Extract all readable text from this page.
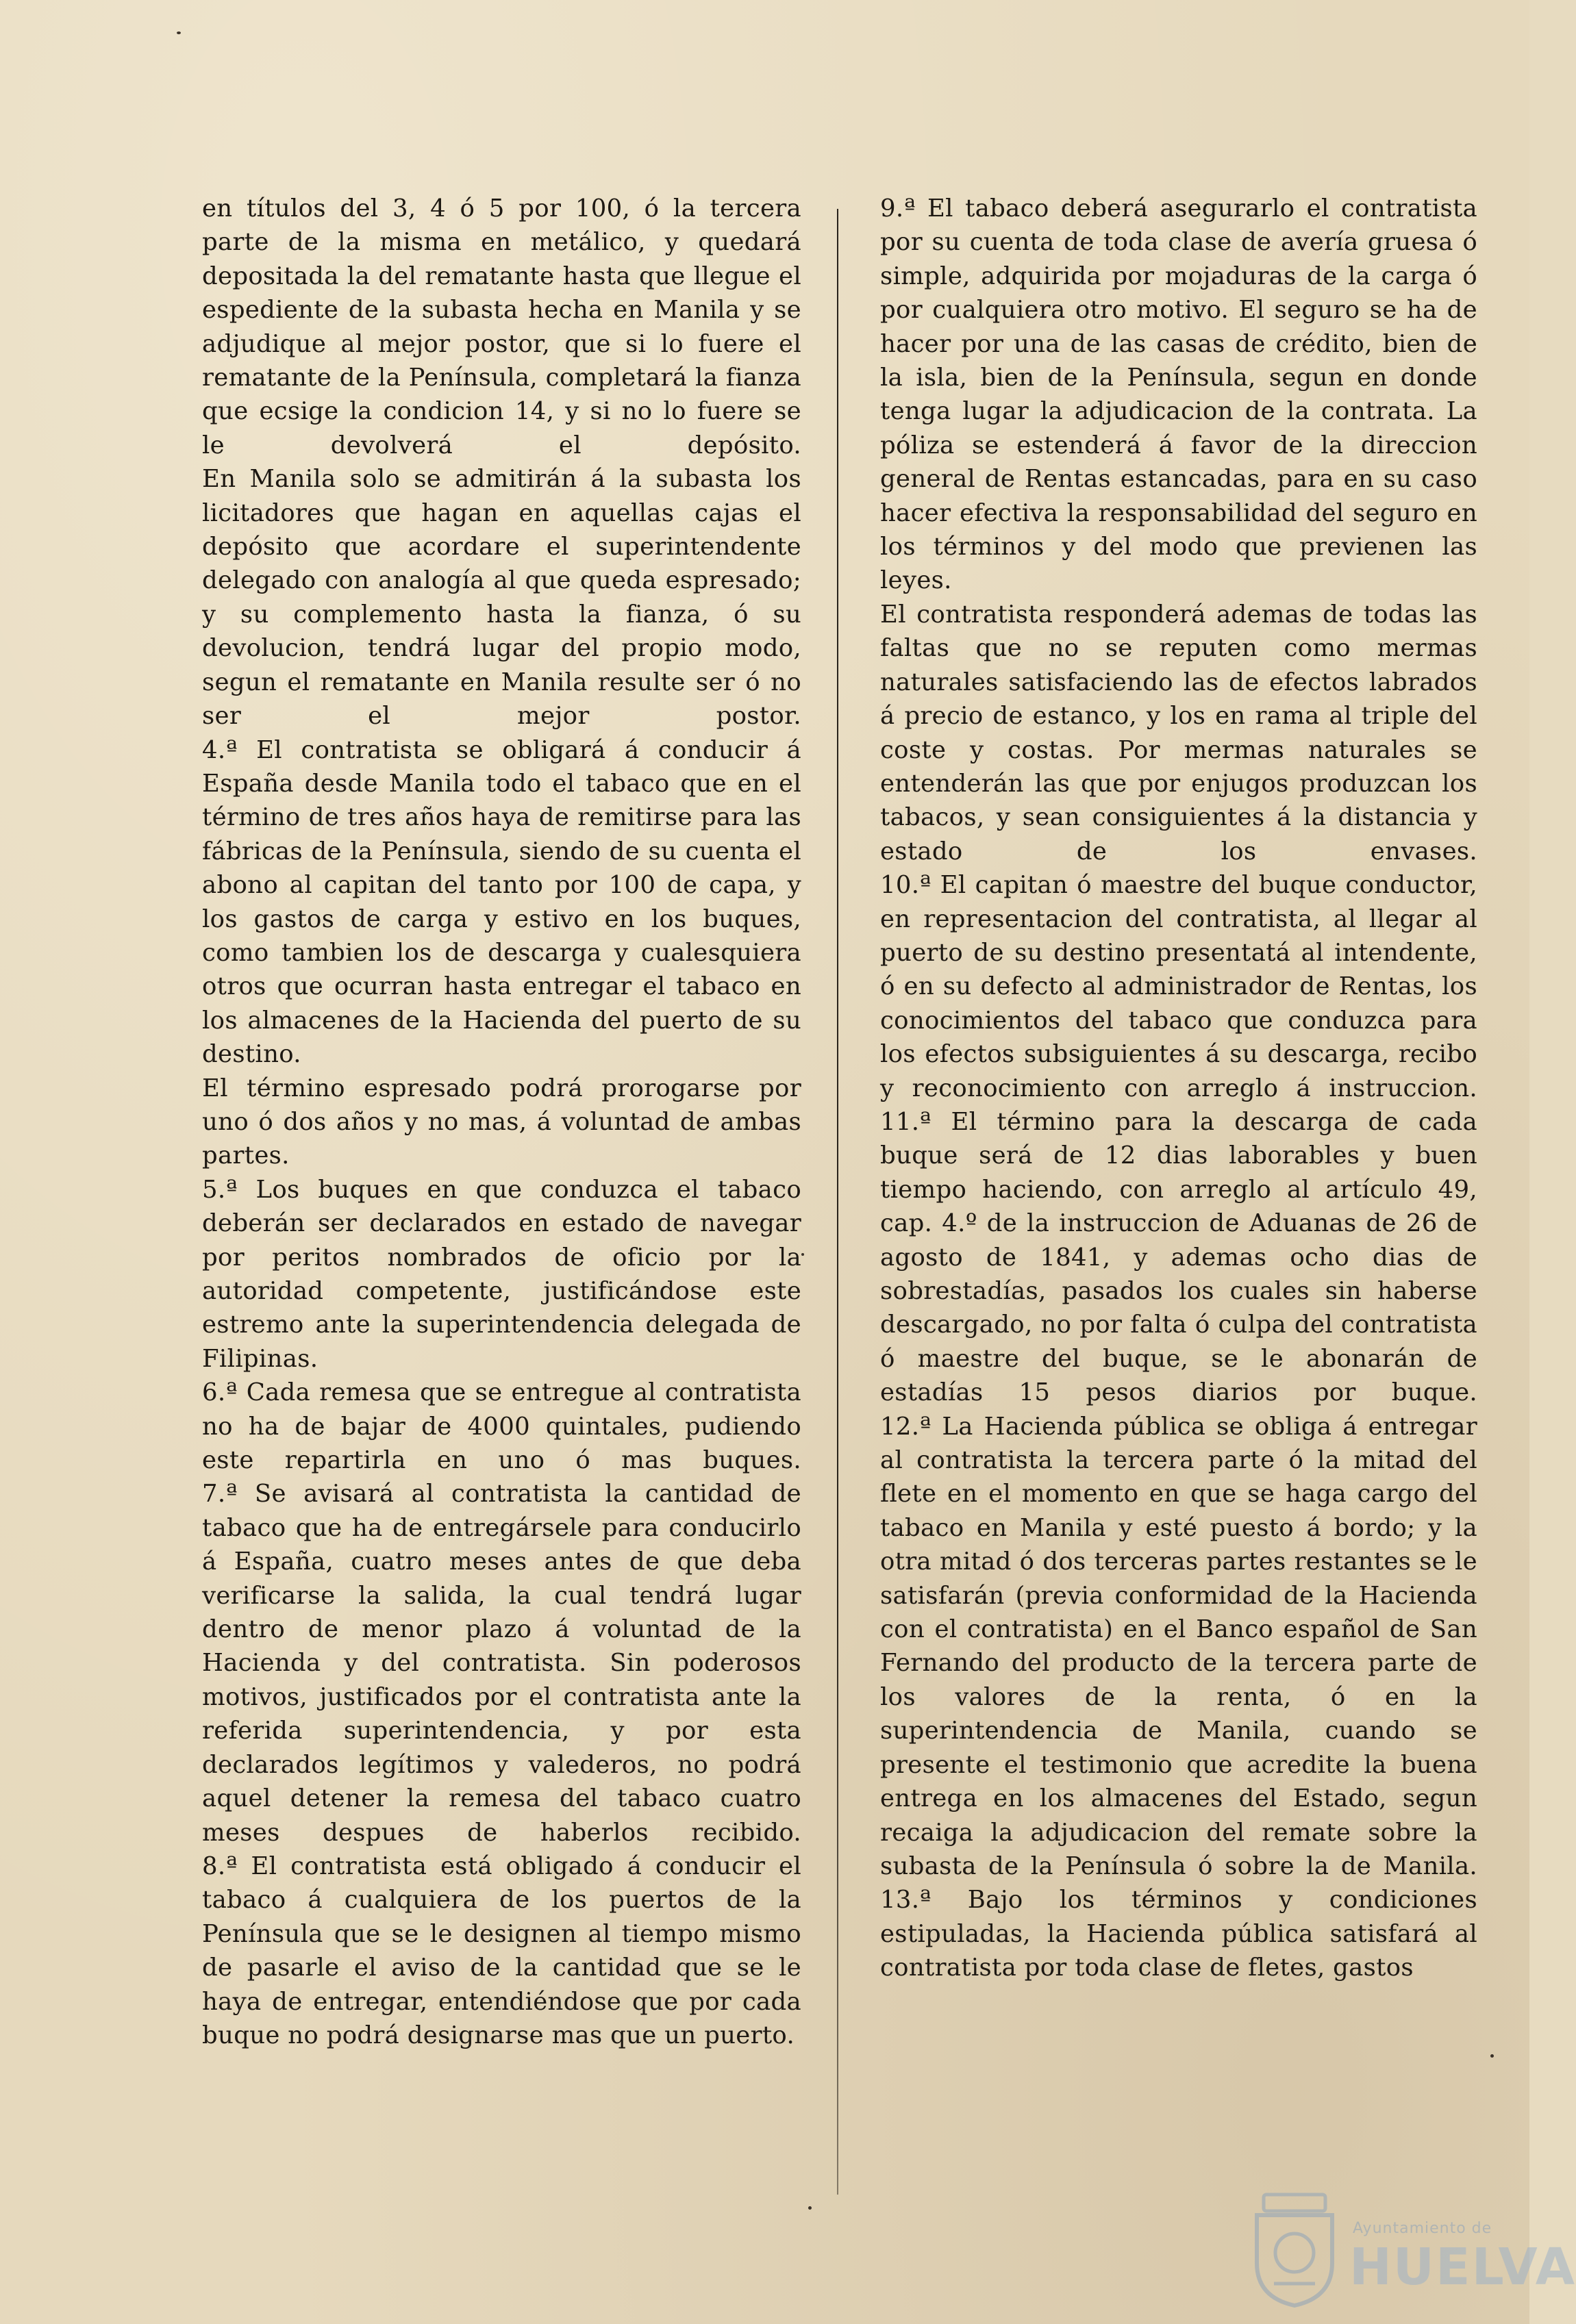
en títulos del 3, 4 ó 5 por 100, ó la tercera parte de la misma en metálico, y quedará depositada la del rematante hasta que llegue el espediente de la subasta hecha en Manila y se adjudique al mejor postor, que si lo fuere el rematante de la Península, completará la fianza que ecsige la condicion 14, y si no lo fuere se le devolverá el depósito.

En Manila solo se admitirán á la subasta los licitadores que hagan en aquellas cajas el depósito que acordare el superintendente delegado con analogía al que queda espresado; y su complemento hasta la fianza, ó su devolucion, tendrá lugar del propio modo, segun el rematante en Manila resulte ser ó no ser el mejor postor.

4.ª El contratista se obligará á conducir á España desde Manila todo el tabaco que en el término de tres años haya de remitirse para las fábricas de la Península, siendo de su cuenta el abono al capitan del tanto por 100 de capa, y los gastos de carga y estivo en los buques, como tambien los de descarga y cualesquiera otros que ocurran hasta entregar el tabaco en los almacenes de la Hacienda del puerto de su destino.

El término espresado podrá prorogarse por uno ó dos años y no mas, á voluntad de ambas partes.

5.ª Los buques en que conduzca el tabaco deberán ser declarados en estado de navegar por peritos nombrados de oficio por la autoridad competente, justificándose este estremo ante la superintendencia delegada de Filipinas.

6.ª Cada remesa que se entregue al contratista no ha de bajar de 4000 quintales, pudiendo este repartirla en uno ó mas buques.

7.ª Se avisará al contratista la cantidad de tabaco que ha de entregársele para conducirlo á España, cuatro meses antes de que deba verificarse la salida, la cual tendrá lugar dentro de menor plazo á voluntad de la Hacienda y del contratista. Sin poderosos motivos, justificados por el contratista ante la referida superintendencia, y por esta declarados legítimos y valederos, no podrá aquel detener la remesa del tabaco cuatro meses despues de haberlos recibido.

8.ª El contratista está obligado á conducir el tabaco á cualquiera de los puertos de la Península que se le designen al tiempo mismo de pasarle el aviso de la cantidad que se le haya de entregar, entendiéndose que por cada buque no podrá designarse mas que un puerto.

9.ª El tabaco deberá asegurarlo el contratista por su cuenta de toda clase de avería gruesa ó simple, adquirida por mojaduras de la carga ó por cualquiera otro motivo. El seguro se ha de hacer por una de las casas de crédito, bien de la isla, bien de la Península, segun en donde tenga lugar la adjudicacion de la contrata. La póliza se estenderá á favor de la direccion general de Rentas estancadas, para en su caso hacer efectiva la responsabilidad del seguro en los términos y del modo que previenen las leyes.

El contratista responderá ademas de todas las faltas que no se reputen como mermas naturales satisfaciendo las de efectos labrados á precio de estanco, y los en rama al triple del coste y costas. Por mermas naturales se entenderán las que por enjugos produzcan los tabacos, y sean consiguientes á la distancia y estado de los envases.

10.ª El capitan ó maestre del buque conductor, en representacion del contratista, al llegar al puerto de su destino presentatá al intendente, ó en su defecto al administrador de Rentas, los conocimientos del tabaco que conduzca para los efectos subsiguientes á su descarga, recibo y reconocimiento con arreglo á instruccion.

11.ª El término para la descarga de cada buque será de 12 dias laborables y buen tiempo haciendo, con arreglo al artículo 49, cap. 4.º de la instruccion de Aduanas de 26 de agosto de 1841, y ademas ocho dias de sobrestadías, pasados los cuales sin haberse descargado, no por falta ó culpa del contratista ó maestre del buque, se le abonarán de estadías 15 pesos diarios por buque.

12.ª La Hacienda pública se obliga á entregar al contratista la tercera parte ó la mitad del flete en el momento en que se haga cargo del tabaco en Manila y esté puesto á bordo; y la otra mitad ó dos terceras partes restantes se le satisfarán (previa conformidad de la Hacienda con el contratista) en el Banco español de San Fernando del producto de la tercera parte de los valores de la renta, ó en la superintendencia de Manila, cuando se presente el testimonio que acredite la buena entrega en los almacenes del Estado, segun recaiga la adjudicacion del remate sobre la subasta de la Península ó sobre la de Manila.

13.ª Bajo los términos y condiciones estipuladas, la Hacienda pública satisfará al contratista por toda clase de fletes, gastos

Ayuntamiento de
HUELVA
